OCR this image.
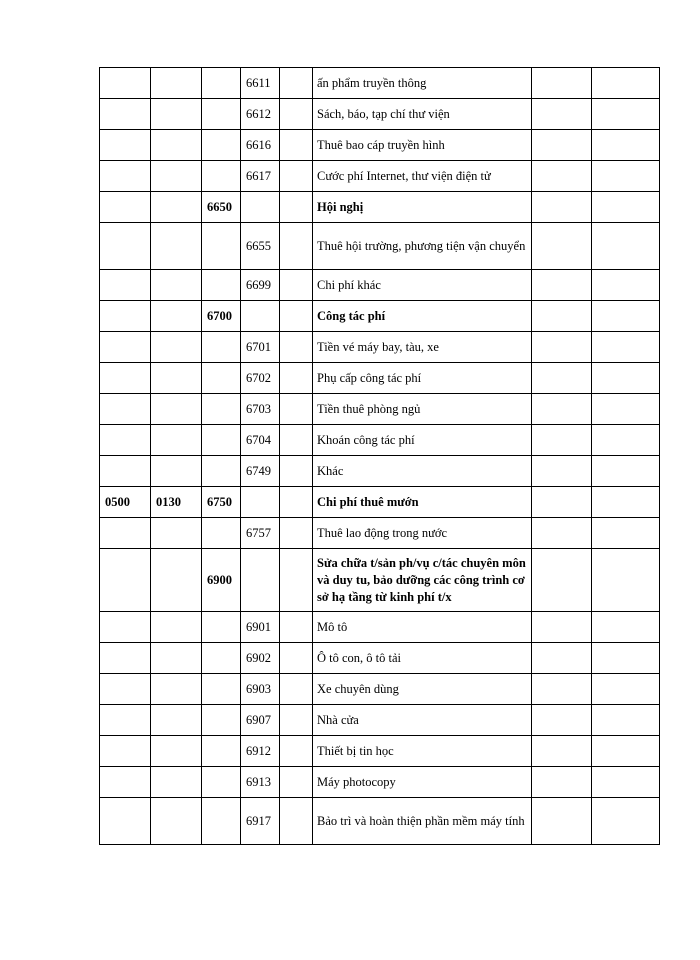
			6611		ấn phẩm truyền thông		
			6612		Sách, báo, tạp chí thư viện		
			6616		Thuê bao cáp truyền hình		
			6617		Cước phí Internet, thư viện điện tử		
		6650			Hội nghị		
			6655		Thuê hội trường, phương tiện vận chuyển		
			6699		Chi phí khác		
		6700			Công tác phí		
			6701		Tiền vé máy bay, tàu, xe		
			6702		Phụ cấp công tác phí		
			6703		Tiền thuê phòng ngủ		
			6704		Khoán công tác phí		
			6749		Khác		
0500	0130	6750			Chi phí thuê mướn		
			6757		Thuê lao động trong nước		
		6900			Sửa chữa t/sản ph/vụ c/tác chuyên môn và duy tu, bảo dưỡng các công trình cơ sở hạ tầng từ kinh phí t/x		
			6901		Mô tô		
			6902		Ô tô con, ô tô tải		
			6903		Xe chuyên dùng		
			6907		Nhà cửa		
			6912		Thiết bị tin học		
			6913		Máy photocopy		
			6917		Bảo trì và hoàn thiện phần mềm máy tính		
